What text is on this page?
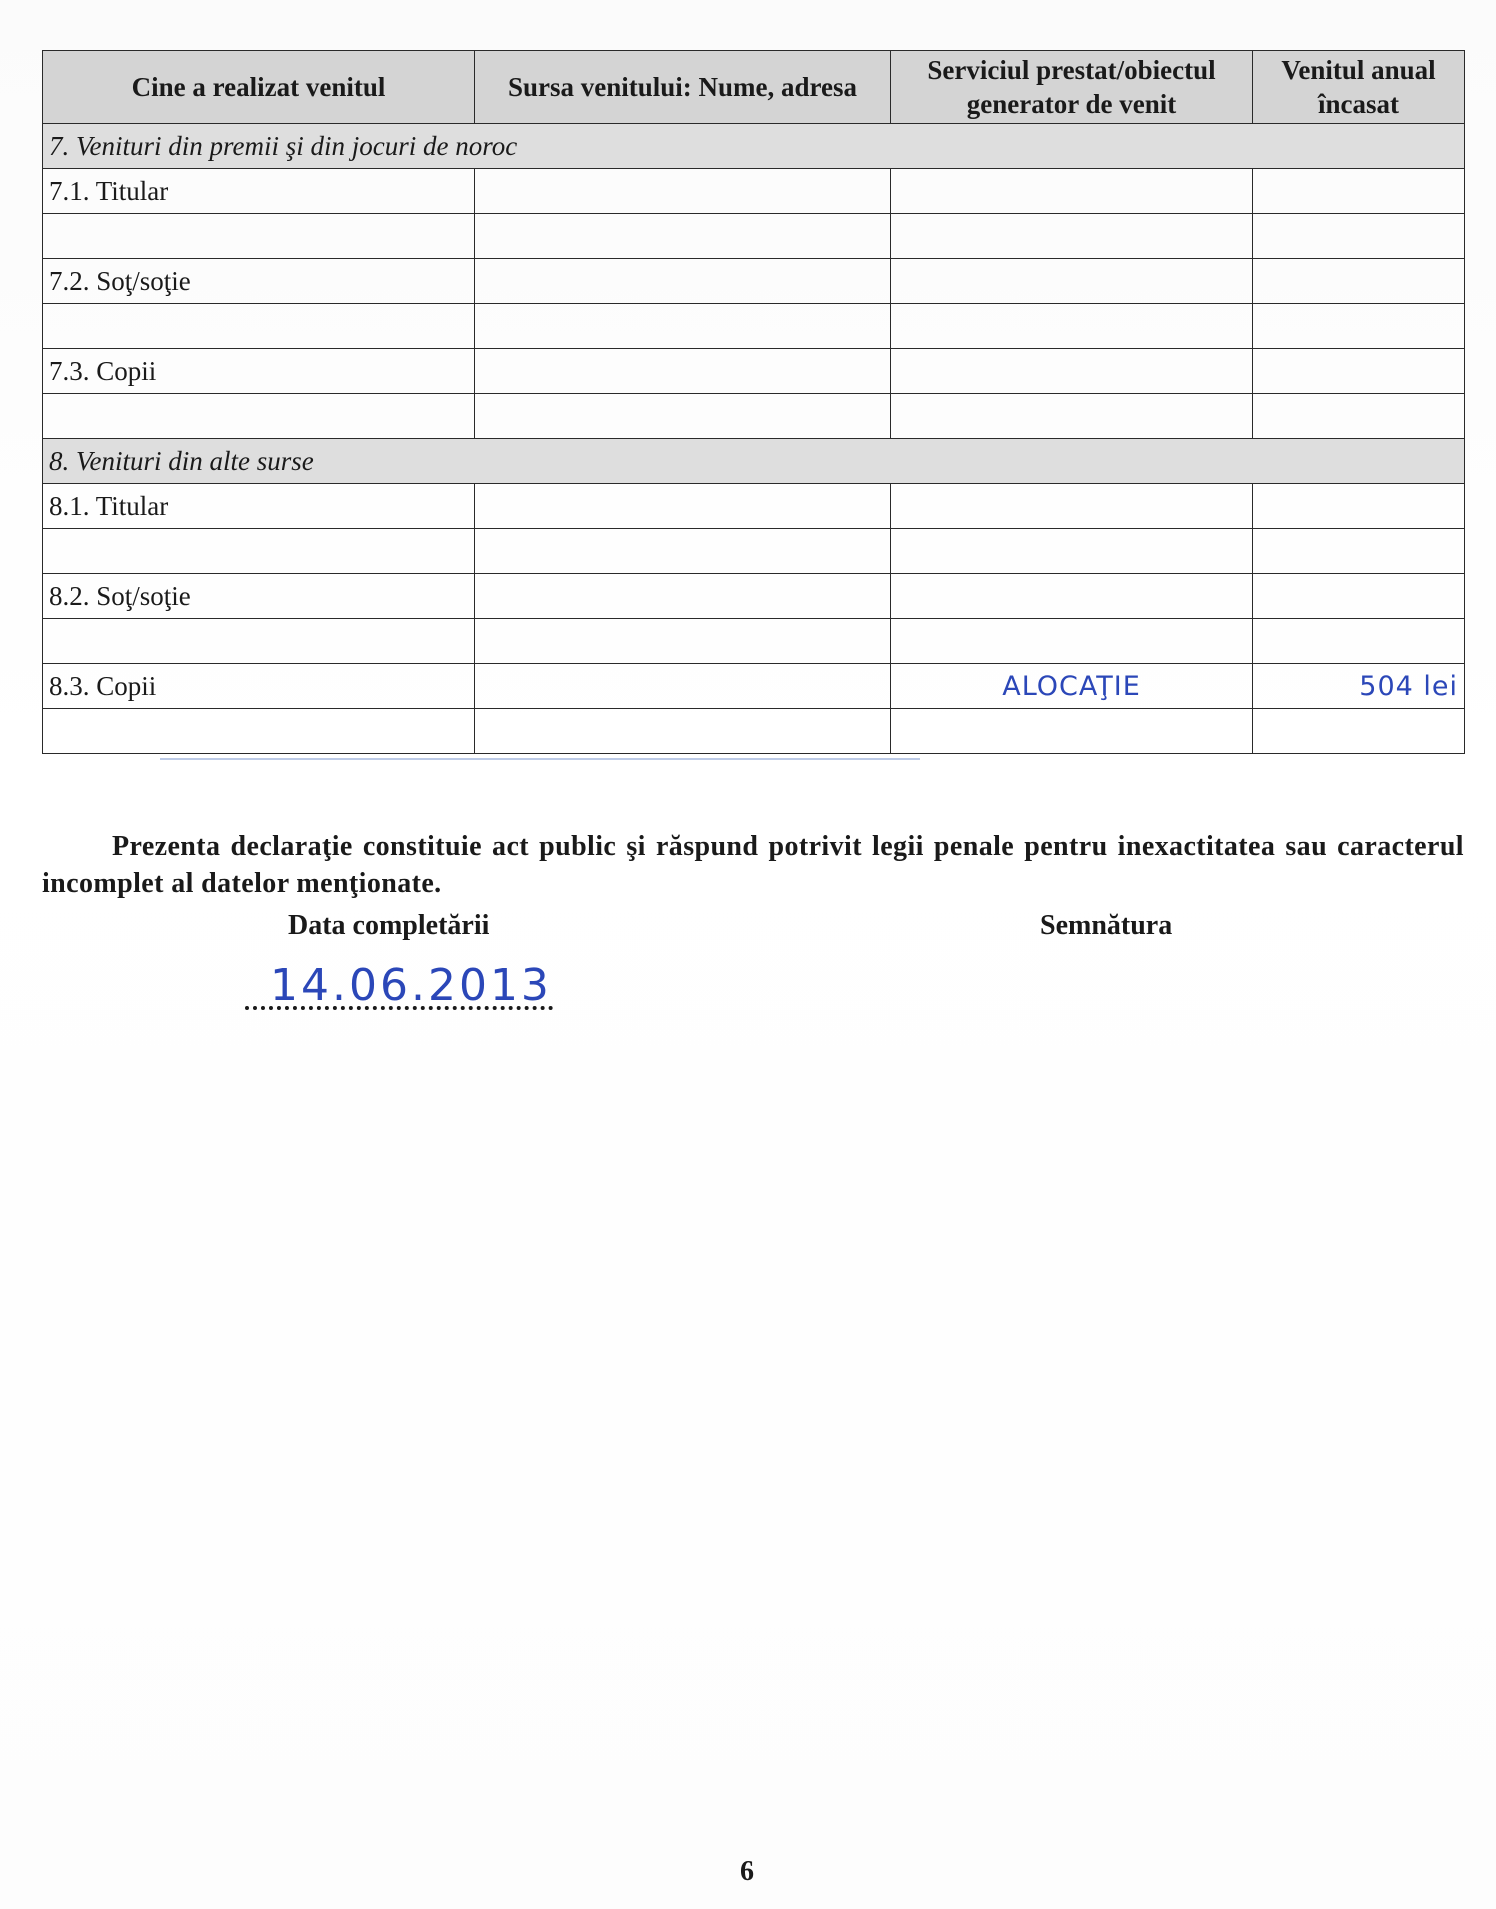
Cine a realizat venitul	Sursa venitului: Nume, adresa	Serviciul prestat/obiectul generator de venit	Venitul anual încasat
7. Venituri din premii şi din jocuri de noroc			
7.1. Titular			

7.2. Soţ/soţie			

7.3. Copii			

8. Venituri din alte surse			
8.1. Titular			

8.2. Soţ/soţie			

8.3. Copii		ALOCAŢIE	504 lei

Prezenta declaraţie constituie act public şi răspund potrivit legii penale pentru inexactitatea sau caracterul incomplet al datelor menţionate.

Data completării	Semnătura
14.06.2013
6
